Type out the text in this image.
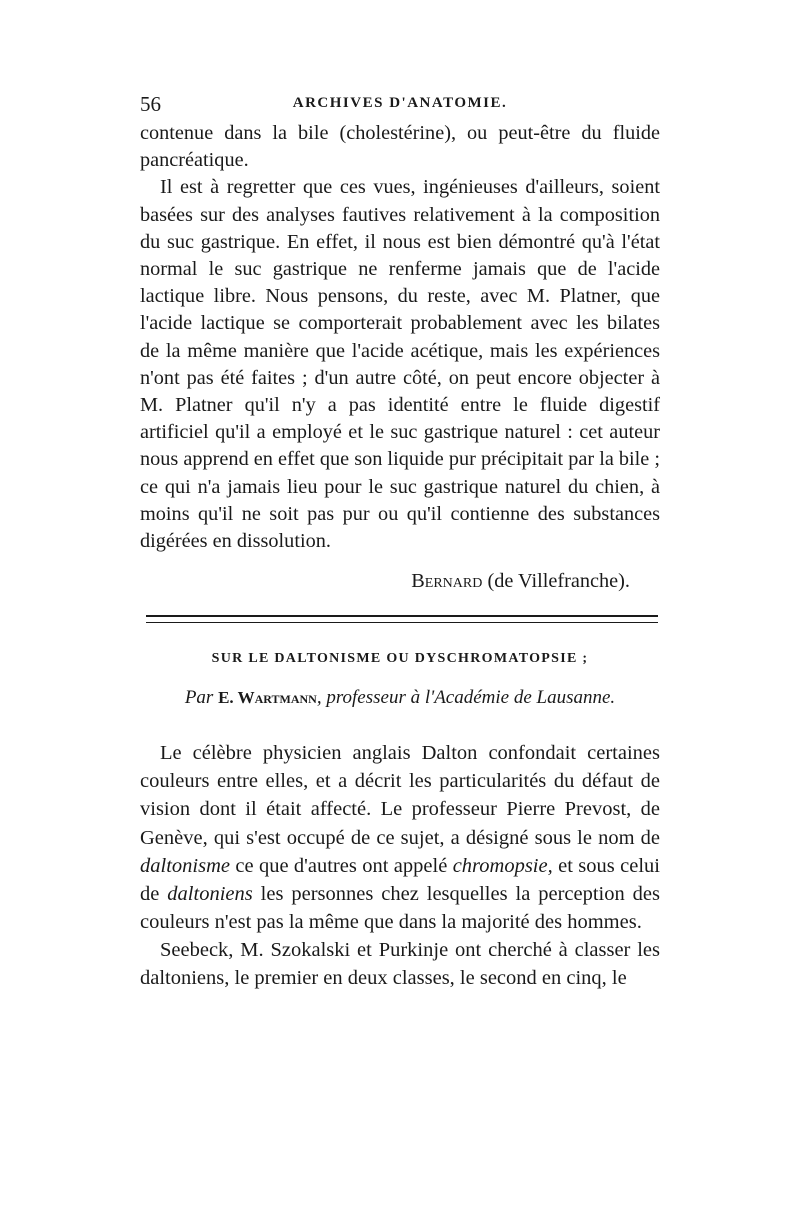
56	ARCHIVES D'ANATOMIE.

contenue dans la bile (cholestérine), ou peut-être du fluide pancréatique.

Il est à regretter que ces vues, ingénieuses d'ailleurs, soient basées sur des analyses fautives relativement à la composition du suc gastrique. En effet, il nous est bien démontré qu'à l'état normal le suc gastrique ne renferme jamais que de l'acide lactique libre. Nous pensons, du reste, avec M. Platner, que l'acide lactique se comporterait probablement avec les bilates de la même manière que l'acide acétique, mais les expériences n'ont pas été faites ; d'un autre côté, on peut encore objecter à M. Platner qu'il n'y a pas identité entre le fluide digestif artificiel qu'il a employé et le suc gastrique naturel : cet auteur nous apprend en effet que son liquide pur précipitait par la bile ; ce qui n'a jamais lieu pour le suc gastrique naturel du chien, à moins qu'il ne soit pas pur ou qu'il contienne des substances digérées en dissolution.

Bernard (de Villefranche).
SUR LE DALTONISME OU DYSCHROMATOPSIE ;
Par E. Wartmann, professeur à l'Académie de Lausanne.

Le célèbre physicien anglais Dalton confondait certaines couleurs entre elles, et a décrit les particularités du défaut de vision dont il était affecté. Le professeur Pierre Prevost, de Genève, qui s'est occupé de ce sujet, a désigné sous le nom de daltonisme ce que d'autres ont appelé chromopsie, et sous celui de daltoniens les personnes chez lesquelles la perception des couleurs n'est pas la même que dans la majorité des hommes.

Seebeck, M. Szokalski et Purkinje ont cherché à classer les daltoniens, le premier en deux classes, le second en cinq, le
